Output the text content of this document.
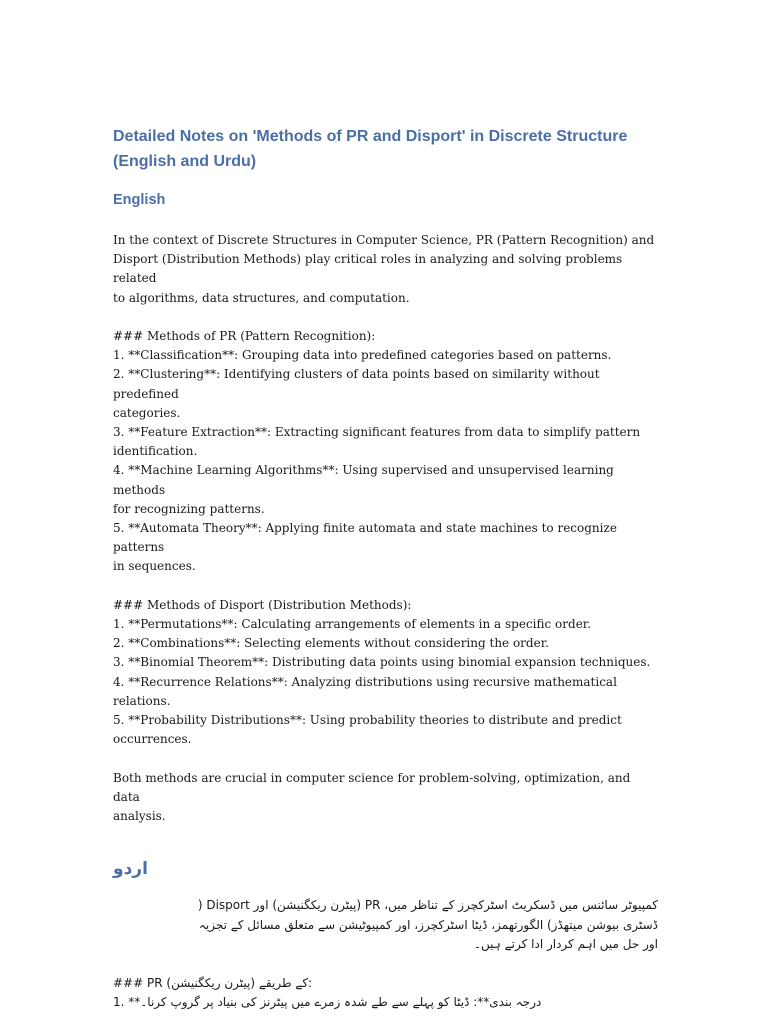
Detailed Notes on 'Methods of PR and Disport' in Discrete Structure

(English and Urdu)

English

In the context of Discrete Structures in Computer Science, PR (Pattern Recognition) and

Disport (Distribution Methods) play critical roles in analyzing and solving problems related

to algorithms, data structures, and computation.

### Methods of PR (Pattern Recognition):

1. **Classification**: Grouping data into predefined categories based on patterns.

2. **Clustering**: Identifying clusters of data points based on similarity without predefined

categories.

3. **Feature Extraction**: Extracting significant features from data to simplify pattern

identification.

4. **Machine Learning Algorithms**: Using supervised and unsupervised learning methods

for recognizing patterns.

5. **Automata Theory**: Applying finite automata and state machines to recognize patterns

in sequences.

### Methods of Disport (Distribution Methods):

1. **Permutations**: Calculating arrangements of elements in a specific order.

2. **Combinations**: Selecting elements without considering the order.

3. **Binomial Theorem**: Distributing data points using binomial expansion techniques.

4. **Recurrence Relations**: Analyzing distributions using recursive mathematical

relations.

5. **Probability Distributions**: Using probability theories to distribute and predict

occurrences.

Both methods are crucial in computer science for problem-solving, optimization, and data

analysis.

اردو

کمپیوٹر سائنس میں ڈسکریٹ اسٹرکچرز کے تناظر میں، PR (پیٹرن ریکگنیشن) اور Disport (

ڈسٹری بیوشن میتھڈز) الگورتھمز، ڈیٹا اسٹرکچرز، اور کمپیوٹیشن سے متعلق مسائل کے تجزیہ

اور حل میں اہم کردار ادا کرتے ہیں۔

### PR (پیٹرن ریکگنیشن) کے طریقے:

1. **درجہ بندی**: ڈیٹا کو پہلے سے طے شدہ زمرے میں پیٹرنز کی بنیاد پر گروپ کرنا۔
